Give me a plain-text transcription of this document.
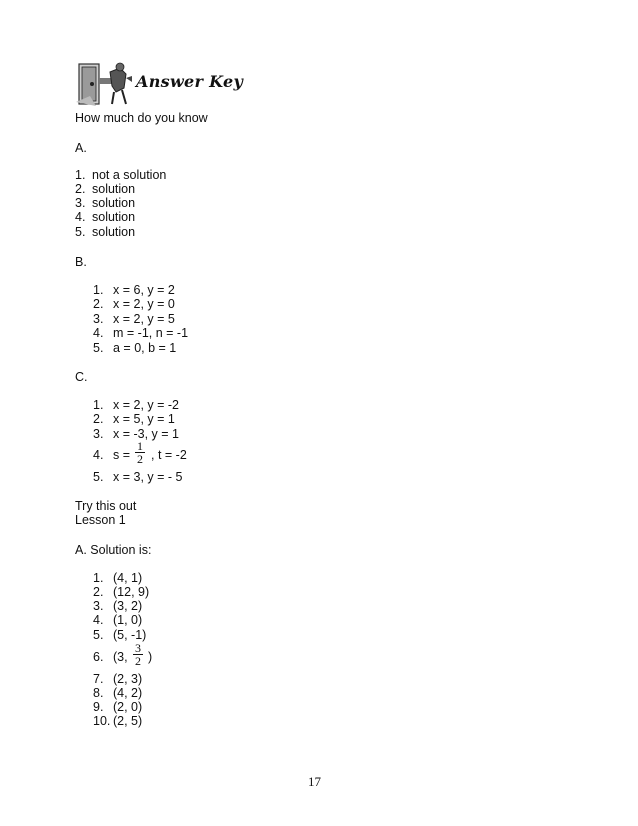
Answer Key
How much do you know
A.
1. not a solution
2. solution
3. solution
4. solution
5. solution
B.
1. x = 6, y = 2
2. x = 2, y = 0
3. x = 2, y = 5
4. m = -1, n = -1
5. a = 0, b = 1
C.
1. x = 2, y = -2
2. x = 5, y = 1
3. x = -3, y = 1
4. s =
1
2 , t = -2
5. x = 3, y = - 5
Try this out
Lesson 1
A. Solution is:
1. (4, 1)
2. (12, 9)
3. (3, 2)
4. (1, 0)
5. (5, -1)
6. (3,
3
2 )
7. (2, 3)
8. (4, 2)
9. (2, 0)
10. (2, 5)
17
